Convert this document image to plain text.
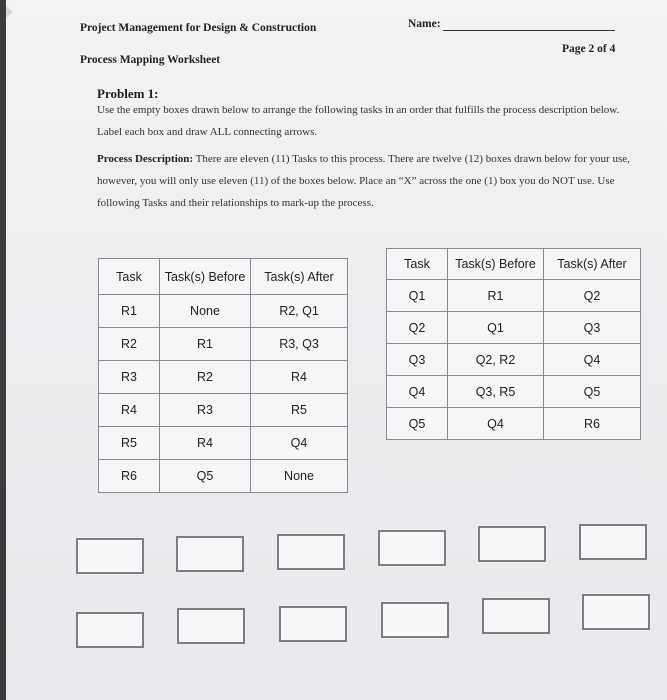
Project Management for Design & Construction	Name:
Page 2 of 4
Process Mapping Worksheet
Problem 1:
Use the empty boxes drawn below to arrange the following tasks in an order that fulfills the process description below. Label each box and draw ALL connecting arrows.
Process Description: There are eleven (11) Tasks to this process. There are twelve (12) boxes drawn below for your use, however, you will only use eleven (11) of the boxes below. Place an “X” across the one (1) box you do NOT use. Use following Tasks and their relationships to mark-up the process.
Task	Task(s) Before	Task(s) After
R1	None	R2, Q1
R2	R1	R3, Q3
R3	R2	R4
R4	R3	R5
R5	R4	Q4
R6	Q5	None
Task	Task(s) Before	Task(s) After
Q1	R1	Q2
Q2	Q1	Q3
Q3	Q2, R2	Q4
Q4	Q3, R5	Q5
Q5	Q4	R6
